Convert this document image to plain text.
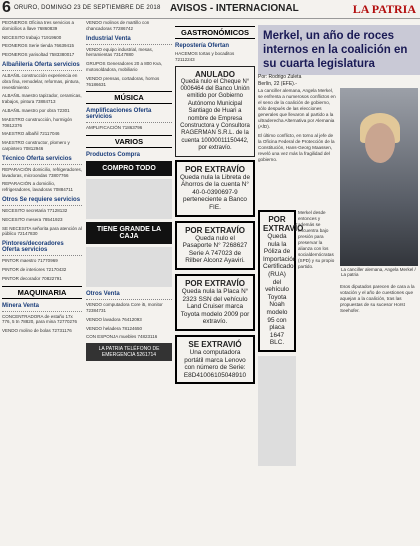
6 ORURO, DOMINGO 23 DE SEPTIEMBRE DE 2018 AVISOS - INTERNACIONAL	LA PATRIA
PEONEROS Oficina tres servicios a domicilios a llave 76860839
NECESITO trabajo 71919600
PEONEROS Serie tienda 76639415
PEONEROS yarisoltad 7583380017
Albañilería Oferta servicios
ALBAÑIL construcción experiencia en obra fina, remodelar, reformas, pintura, revestimiento
ALBAÑIL maestro tapizador, ceramicas, trabajos, pintura 73884713
ALBAÑIL maestro por obra 72301
MAESTRO construcción, hormigón 70812376
MAESTRO albañil 72117046
MAESTRO constructor, plomero y carpintero 70812946
Técnico Oferta servicios
REPARACIÓN domicilio, refrigeradores, lavadoras, microondas 73807766
REPARACIÓN a domicilio, refrigeradores, lavadoras 70884711
Otros Se requiere servicios
NECESITO secretaria 77128132
NECESITO mesera 78541923
SE NECESITA señorita para atención al público 72147830
Pintores/decoradores Oferta servicios
PINTOR maestro 71770969
PINTOR de interiores 72170432
PINTOR decorador 70822791
MAQUINARIA
Minera Venta
CONCENTRADORA de estaño 17x 776, 5 tn 78820, para mina 72770276
VENDO molino de bolas 72731176
VENDO molinos de martillo con chancadoras 77286742
Industrial Venta
VENDO equipo industrial, mesas, herramientas 73147880
GRUPOS Generadores 20 a 800 Kva, motosoldadora, mobiliario
VENDO prensas, cortadoras, hornos 76186631
MÚSICA
Amplificaciones Oferta servicios
AMPLIFICACIÓN 71863796
VARIOS
Productos Compra
COMPRO TODO
TIENE GRANDE LA CAJA
Otros Venta
VENDO computadora Core i5, monitor 72384731
VENDO lavadora 76412093
VENDO heladera 78124650
CON ESPONJA muebles 74823116
LA PATRIA TELÉFONO DE EMERGENCIA 5261714
GASTRONÓMICOS
Repostería Ofertan
HACEMOS tortas y bocaditos 72112243
ANULADO
Queda nulo el Cheque N° 0006464 del Banco Unión emitido por Gobierno Autónomo Municipal Santiago de Huari a nombre de Empresa Constructora y Consultora RAGERMAN S.R.L. de la cuenta 10000011150442, por extravío.
POR EXTRAVÍO
Queda nula la Libreta de Ahorros de la cuenta N° 40-0-0390697-9 perteneciente a Banco FIE.
POR EXTRAVÍO
Queda nulo el Pasaporte N° 7268627 Serie A 747023 de Rilber Alconz Ayaviri.
POR EXTRAVÍO
Queda nula la Placa N° 2323 SSN del vehículo Land Cruiser marca Toyota modelo 2009 por extravío.
SE EXTRAVIÓ
Una computadora portátil marca Lenovo con número de Serie: E8D41006105048910
Merkel, un año de roces internos en la coalición en su cuarta legislatura
Por: Rodrigo Zuleta
Berlín, 22 (EFE).-

La canciller alemana, Angela Merkel, se enfrenta a numerosos conflictos en el seno de la coalición de gobierno, sólo después de las elecciones generales que llevaron al partido a la ultraderecha Alternativa por Alemania (AfD).

El último conflicto, en torno al jefe de la Oficina Federal de Protección de la Constitución, Hans-Georg Maassen, reveló una vez más la fragilidad del gobierno.

La canciller alemana, Angela Merkel / La patria
POR EXTRAVÍO
Queda nula la Póliza de Importación Certificado (RUA) del vehículo Toyota Noah modelo 95 con placa 1647 BLC.

Merkel desde entonces y además se encuentra bajo presión para preservar la alianza con los socialdemócratas (SPD) y su propio partido.

Esos diputados parecen de cara a la votación y el año de cuestiones que aquejan a la coalición, tras las propuestas de su sucesor Horst Seehofer.
